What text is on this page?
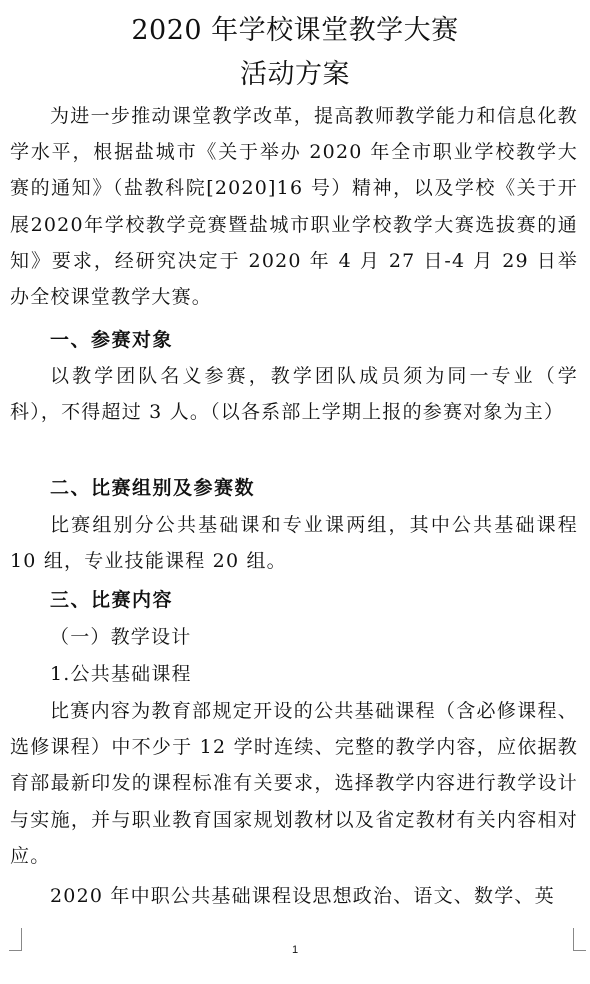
2020 年学校课堂教学大赛
活动方案
为进一步推动课堂教学改革，提高教师教学能力和信息化教学水平，根据盐城市《关于举办 2020 年全市职业学校教学大赛的通知》（盐教科院[2020]16 号）精神，以及学校《关于开展2020年学校教学竞赛暨盐城市职业学校教学大赛选拔赛的通知》要求，经研究决定于 2020 年 4 月 27 日-4 月 29 日举办全校课堂教学大赛。
一、参赛对象
以教学团队名义参赛，教学团队成员须为同一专业（学科），不得超过 3 人。（以各系部上学期上报的参赛对象为主）
二、比赛组别及参赛数
比赛组别分公共基础课和专业课两组，其中公共基础课程 10 组，专业技能课程 20 组。
三、比赛内容
（一）教学设计
1.公共基础课程
比赛内容为教育部规定开设的公共基础课程（含必修课程、选修课程）中不少于 12 学时连续、完整的教学内容，应依据教育部最新印发的课程标准有关要求，选择教学内容进行教学设计与实施，并与职业教育国家规划教材以及省定教材有关内容相对应。
2020 年中职公共基础课程设思想政治、语文、数学、英
1
